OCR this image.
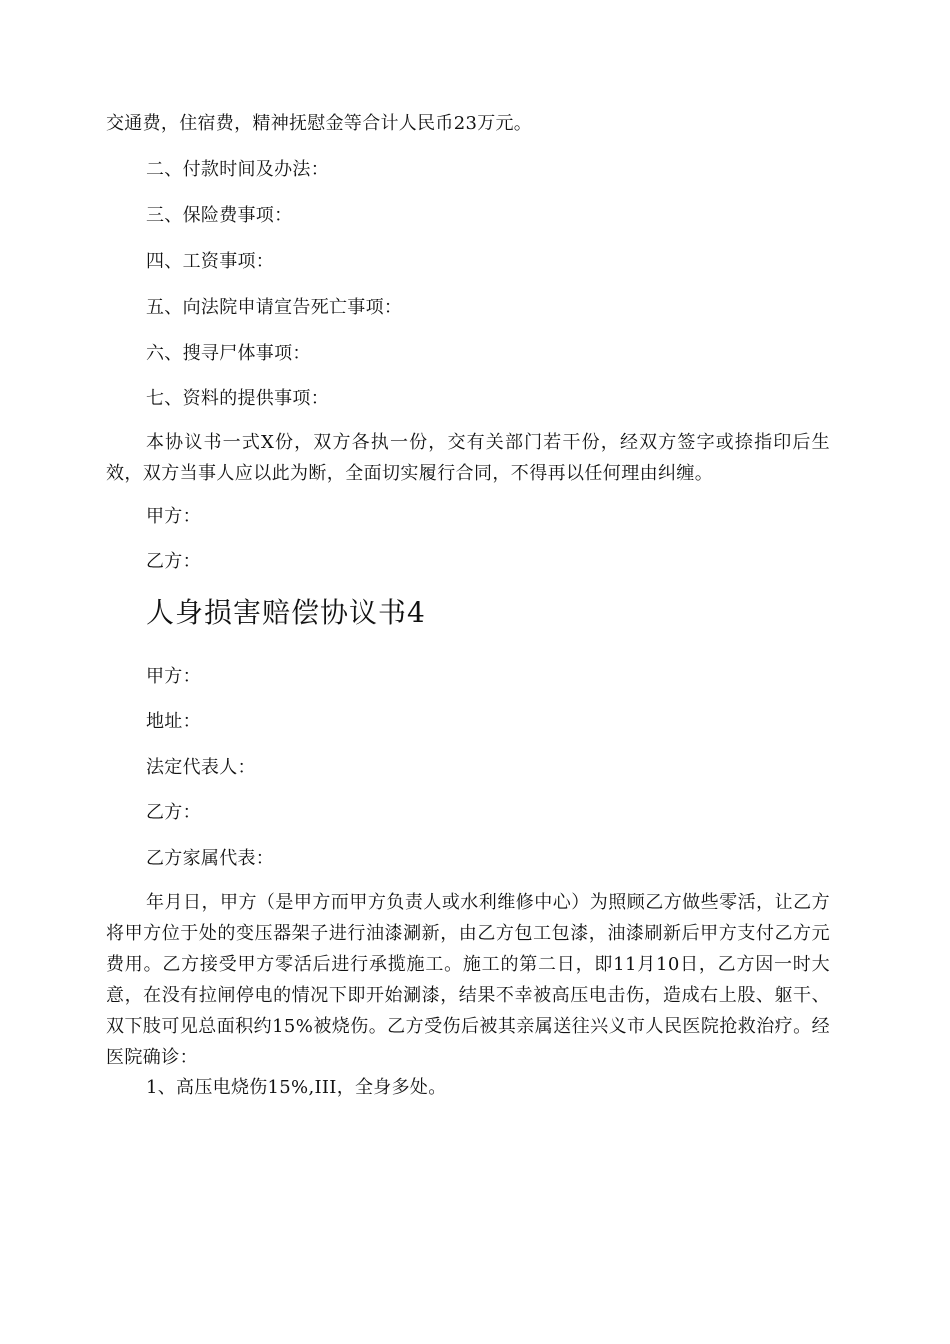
交通费，住宿费，精神抚慰金等合计人民币23万元。
二、付款时间及办法：
三、保险费事项：
四、工资事项：
五、向法院申请宣告死亡事项：
六、搜寻尸体事项：
七、资料的提供事项：
本协议书一式X份，双方各执一份，交有关部门若干份，经双方签字或捺指印后生效，双方当事人应以此为断，全面切实履行合同，不得再以任何理由纠缠。
甲方：
乙方：
人身损害赔偿协议书4
甲方：
地址：
法定代表人：
乙方：
乙方家属代表：
年月日，甲方（是甲方而甲方负责人或水利维修中心）为照顾乙方做些零活，让乙方将甲方位于处的变压器架子进行油漆涮新，由乙方包工包漆，油漆刷新后甲方支付乙方元费用。乙方接受甲方零活后进行承揽施工。施工的第二日，即11月10日，乙方因一时大意，在没有拉闸停电的情况下即开始涮漆，结果不幸被高压电击伤，造成右上股、躯干、双下肢可见总面积约15%被烧伤。乙方受伤后被其亲属送往兴义市人民医院抢救治疗。经医院确诊：
1、高压电烧伤15%,III，全身多处。
